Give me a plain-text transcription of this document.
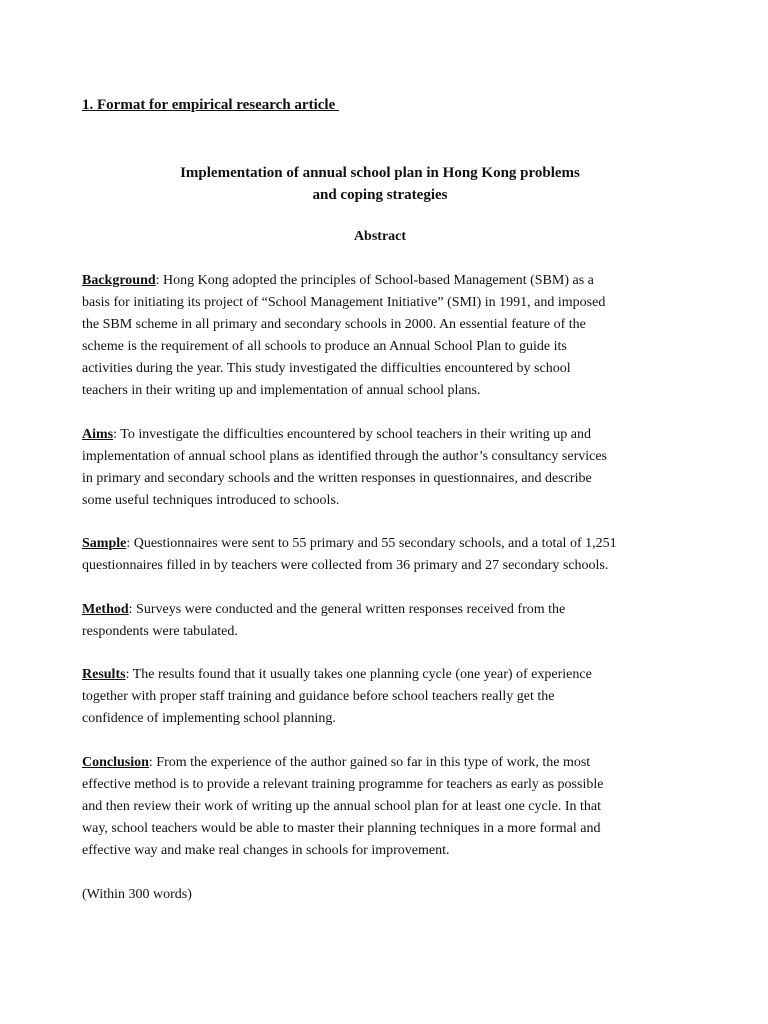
1. Format for empirical research article
Implementation of annual school plan in Hong Kong problems
and coping strategies
Abstract
Background: Hong Kong adopted the principles of School-based Management (SBM) as a
basis for initiating its project of “School Management Initiative” (SMI) in 1991, and imposed
the SBM scheme in all primary and secondary schools in 2000. An essential feature of the
scheme is the requirement of all schools to produce an Annual School Plan to guide its
activities during the year. This study investigated the difficulties encountered by school
teachers in their writing up and implementation of annual school plans.
Aims: To investigate the difficulties encountered by school teachers in their writing up and
implementation of annual school plans as identified through the author’s consultancy services
in primary and secondary schools and the written responses in questionnaires, and describe
some useful techniques introduced to schools.
Sample: Questionnaires were sent to 55 primary and 55 secondary schools, and a total of 1,251
questionnaires filled in by teachers were collected from 36 primary and 27 secondary schools.
Method: Surveys were conducted and the general written responses received from the
respondents were tabulated.
Results: The results found that it usually takes one planning cycle (one year) of experience
together with proper staff training and guidance before school teachers really get the
confidence of implementing school planning.
Conclusion: From the experience of the author gained so far in this type of work, the most
effective method is to provide a relevant training programme for teachers as early as possible
and then review their work of writing up the annual school plan for at least one cycle. In that
way, school teachers would be able to master their planning techniques in a more formal and
effective way and make real changes in schools for improvement.
(Within 300 words)
